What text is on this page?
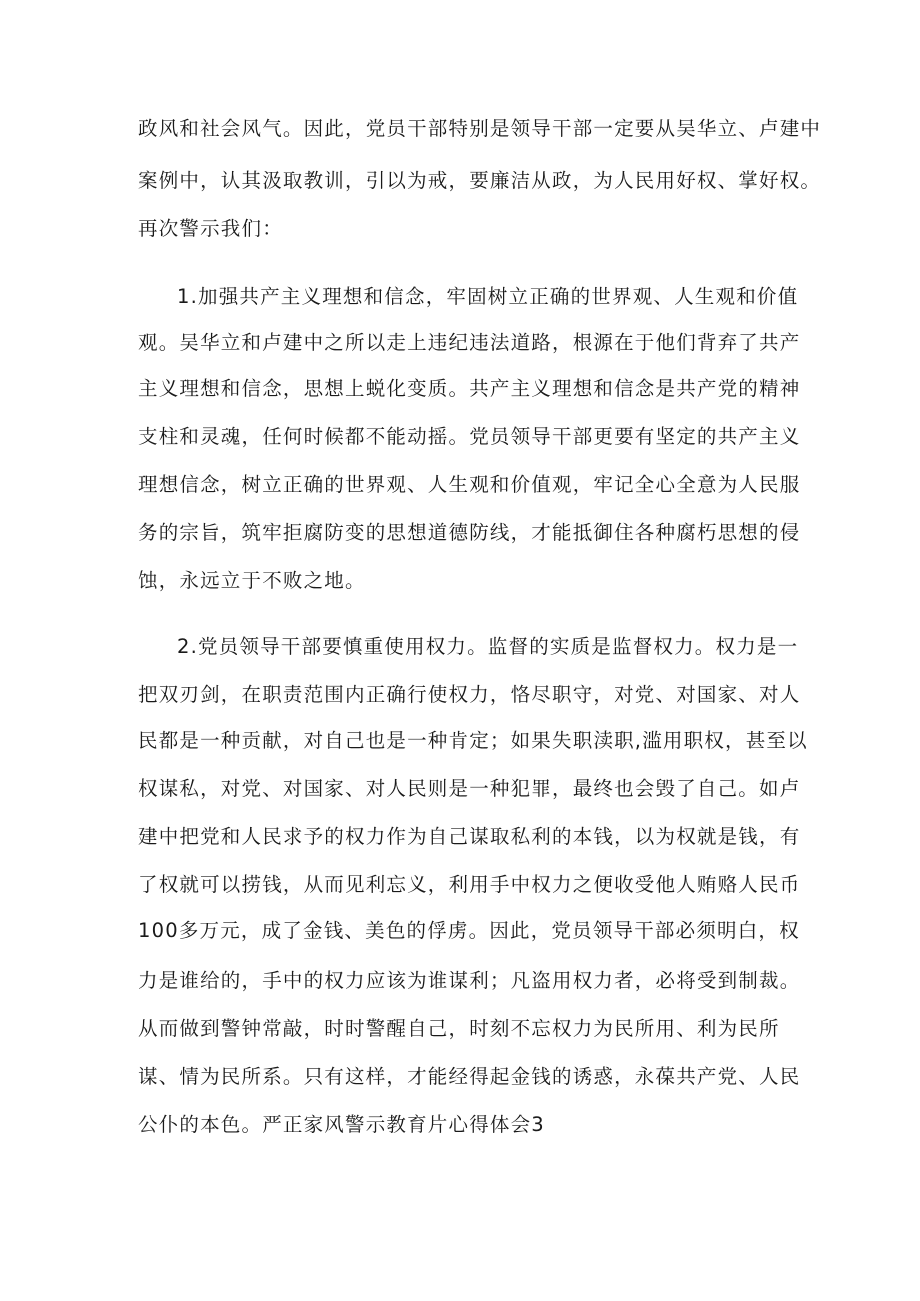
政风和社会风气。因此，党员干部特别是领导干部一定要从吴华立、卢建中
案例中，认其汲取教训，引以为戒，要廉洁从政，为人民用好权、掌好权。
再次警示我们：
1.加强共产主义理想和信念，牢固树立正确的世界观、人生观和价值
观。吴华立和卢建中之所以走上违纪违法道路，根源在于他们背弃了共产
主义理想和信念，思想上蜕化变质。共产主义理想和信念是共产党的精神
支柱和灵魂，任何时候都不能动摇。党员领导干部更要有坚定的共产主义
理想信念，树立正确的世界观、人生观和价值观，牢记全心全意为人民服
务的宗旨，筑牢拒腐防变的思想道德防线，才能抵御住各种腐朽思想的侵
蚀，永远立于不败之地。
2.党员领导干部要慎重使用权力。监督的实质是监督权力。权力是一
把双刃剑，在职责范围内正确行使权力，恪尽职守，对党、对国家、对人
民都是一种贡献，对自己也是一种肯定；如果失职渎职,滥用职权，甚至以
权谋私，对党、对国家、对人民则是一种犯罪，最终也会毁了自己。如卢
建中把党和人民求予的权力作为自己谋取私利的本钱，以为权就是钱，有
了权就可以捞钱，从而见利忘义，利用手中权力之便收受他人贿赂人民币
100多万元，成了金钱、美色的俘虏。因此，党员领导干部必须明白，权
力是谁给的，手中的权力应该为谁谋利；凡盗用权力者，必将受到制裁。
从而做到警钟常敲，时时警醒自己，时刻不忘权力为民所用、利为民所
谋、情为民所系。只有这样，才能经得起金钱的诱惑，永葆共产党、人民
公仆的本色。严正家风警示教育片心得体会3
